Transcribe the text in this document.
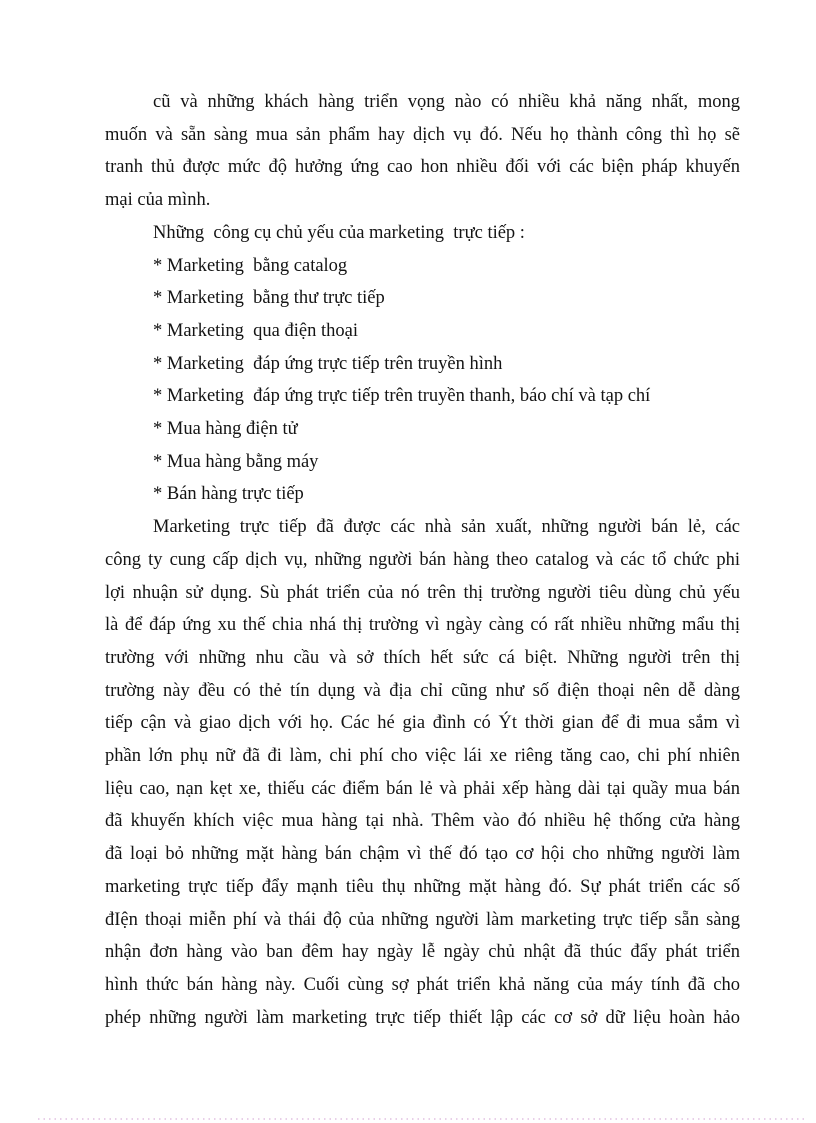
cũ và những khách hàng triển vọng nào có nhiều khả năng nhất, mong
muốn và sẵn sàng mua sản phẩm hay dịch vụ đó. Nếu họ thành công thì họ sẽ
tranh thủ được mức độ hưởng ứng cao hon nhiều đối với các biện pháp khuyến
mại của mình.
Những  công cụ chủ yếu của marketing  trực tiếp :
* Marketing  bằng catalog
* Marketing  bằng thư trực tiếp
* Marketing  qua điện thoại
* Marketing  đáp ứng trực tiếp trên truyền hình
* Marketing  đáp ứng trực tiếp trên truyền thanh, báo chí và tạp chí
* Mua hàng điện tử
* Mua hàng bằng máy
* Bán hàng trực tiếp
Marketing trực tiếp đã được các nhà sản xuất, những người bán lẻ, các
công ty cung cấp dịch vụ, những người bán hàng theo catalog và các tổ chức phi
lợi nhuận sử dụng. Sù phát triển của nó trên thị trường người tiêu dùng chủ yếu
là để đáp ứng xu thế chia nhá thị trường vì ngày càng có rất nhiều những mẩu thị
trường với những nhu cầu và sở thích hết sức cá biệt. Những người trên thị
trường này đều có thẻ tín dụng và địa chỉ cũng như số điện thoại nên dễ dàng
tiếp cận và giao dịch với họ. Các hé gia đình có Ýt thời gian để đi mua sắm vì
phần lớn phụ nữ đã đi làm, chi phí cho việc lái xe riêng tăng cao, chi phí nhiên
liệu cao, nạn kẹt xe, thiếu các điểm bán lẻ và phải xếp hàng dài tại quầy mua bán
đã khuyến khích việc mua hàng tại nhà. Thêm vào đó nhiều hệ thống cửa hàng
đã loại bỏ những mặt hàng bán chậm vì thế đó tạo cơ hội cho những người làm
marketing trực tiếp đẩy mạnh tiêu thụ những mặt hàng đó. Sự phát triển các số
đIện thoại miễn phí và thái độ của những người làm marketing trực tiếp sẵn sàng
nhận đơn hàng vào ban đêm hay ngày lễ ngày chủ nhật đã thúc đẩy phát triển
hình thức bán hàng này. Cuối cùng sợ phát triển khả năng của máy tính đã cho
phép những người làm marketing trực tiếp thiết lập các cơ sở dữ liệu hoàn hảo
